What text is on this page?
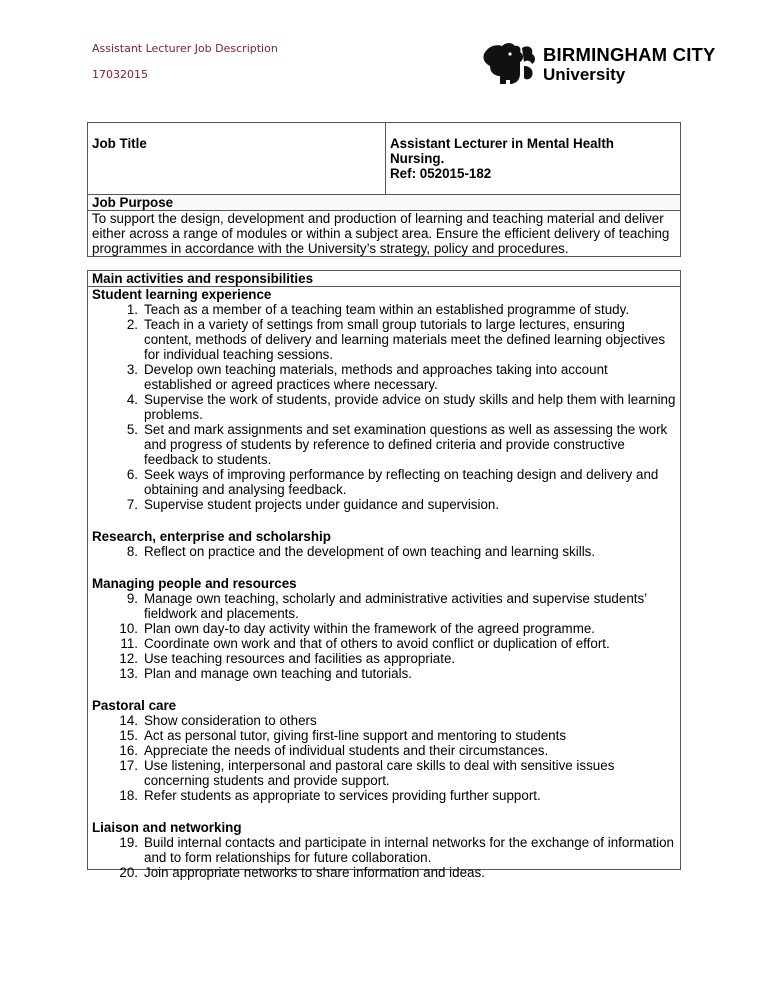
Assistant Lecturer Job Description
17032015
BIRMINGHAM CITY
University
Job Title	Assistant Lecturer in Mental Health
Nursing.
Ref: 052015-182

Job Purpose
To support the design, development and production of learning and teaching material and deliver either across a range of modules or within a subject area. Ensure the efficient delivery of teaching programmes in accordance with the University’s strategy, policy and procedures.
Main activities and responsibilities
Student learning experience
1. Teach as a member of a teaching team within an established programme of study.
2. Teach in a variety of settings from small group tutorials to large lectures, ensuring content, methods of delivery and learning materials meet the defined learning objectives for individual teaching sessions.
3. Develop own teaching materials, methods and approaches taking into account established or agreed practices where necessary.
4. Supervise the work of students, provide advice on study skills and help them with learning problems.
5. Set and mark assignments and set examination questions as well as assessing the work and progress of students by reference to defined criteria and provide constructive feedback to students.
6. Seek ways of improving performance by reflecting on teaching design and delivery and obtaining and analysing feedback.
7. Supervise student projects under guidance and supervision.
Research, enterprise and scholarship
8. Reflect on practice and the development of own teaching and learning skills.
Managing people and resources
9. Manage own teaching, scholarly and administrative activities and supervise students’ fieldwork and placements.
10. Plan own day-to day activity within the framework of the agreed programme.
11. Coordinate own work and that of others to avoid conflict or duplication of effort.
12. Use teaching resources and facilities as appropriate.
13. Plan and manage own teaching and tutorials.
Pastoral care
14. Show consideration to others
15. Act as personal tutor, giving first-line support and mentoring to students
16. Appreciate the needs of individual students and their circumstances.
17. Use listening, interpersonal and pastoral care skills to deal with sensitive issues concerning students and provide support.
18. Refer students as appropriate to services providing further support.
Liaison and networking
19. Build internal contacts and participate in internal networks for the exchange of information and to form relationships for future collaboration.
20. Join appropriate networks to share information and ideas.
